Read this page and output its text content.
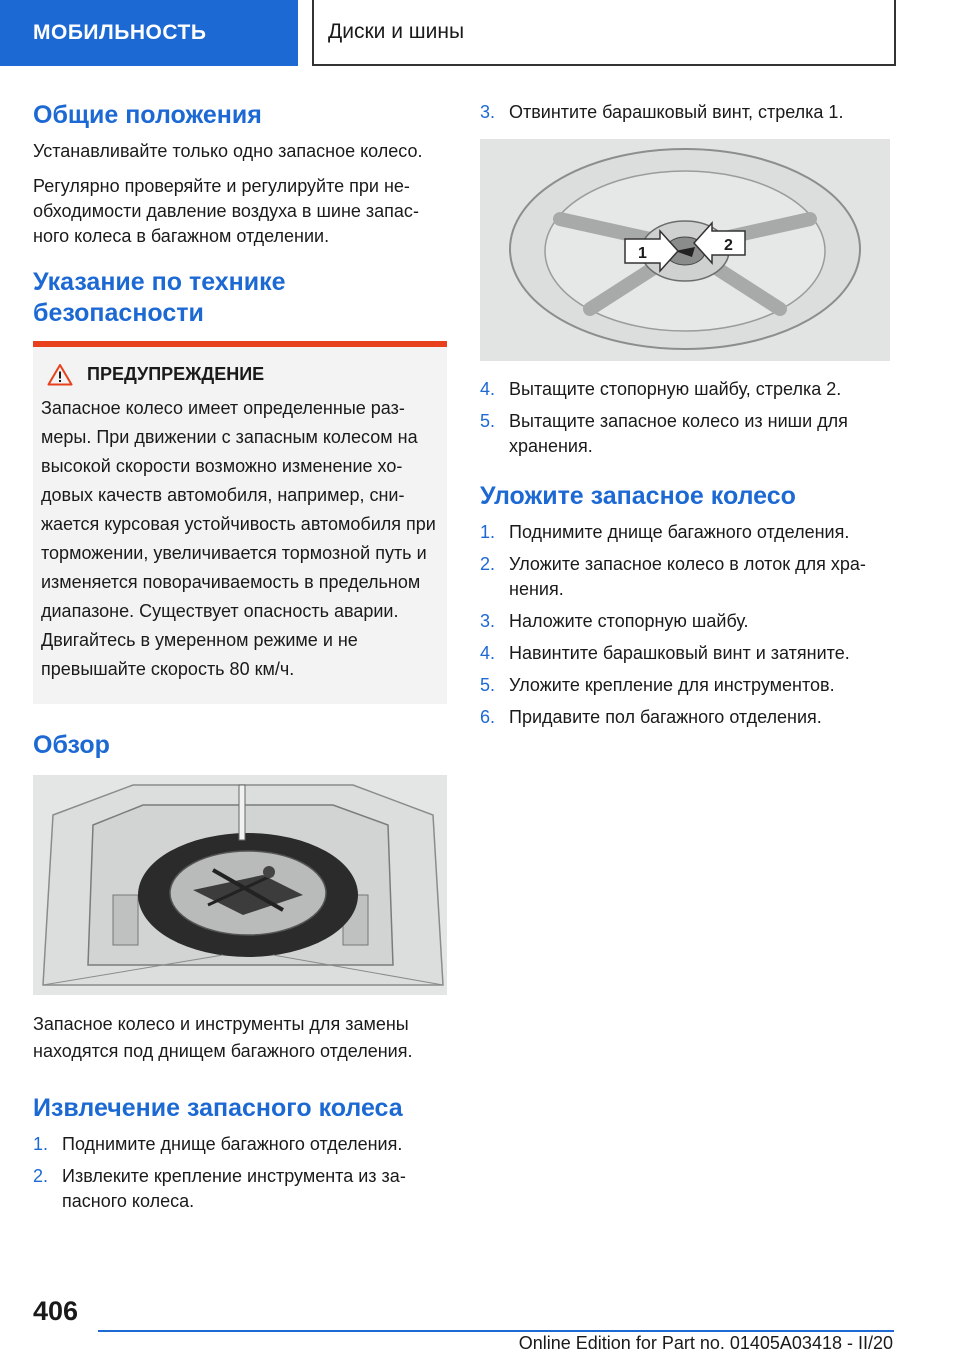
МОБИЛЬНОСТЬ	Диски и шины
Общие положения

Устанавливайте только одно запасное колесо.

Регулярно проверяйте и регулируйте при необходимости давление воздуха в шине запасного колеса в багажном отделении.

Указание по технике безопасности
ПРЕДУПРЕЖДЕНИЕ

Запасное колесо имеет определенные размеры. При движении с запасным колесом на высокой скорости возможно изменение ходовых качеств автомобиля, например, снижается курсовая устойчивость автомобиля при торможении, увеличивается тормозной путь и изменяется поворачиваемость в предельном диапазоне. Существует опасность аварии. Двигайтесь в умеренном режиме и не превышайте скорость 80 км/ч.

Обзор

Запасное колесо и инструменты для замены находятся под днищем багажного отделения.

Извлечение запасного колеса
1. Поднимите днище багажного отделения.
2. Извлеките крепление инструмента из запасного колеса.
3. Отвинтите барашковый винт, стрелка 1.
1	2
4. Вытащите стопорную шайбу, стрелка 2.
5. Вытащите запасное колесо из ниши для хранения.
Уложите запасное колесо
1. Поднимите днище багажного отделения.
2. Уложите запасное колесо в лоток для хранения.
3. Наложите стопорную шайбу.
4. Навинтите барашковый винт и затяните.
5. Уложите крепление для инструментов.
6. Придавите пол багажного отделения.
406
Online Edition for Part no. 01405A03418 - II/20
